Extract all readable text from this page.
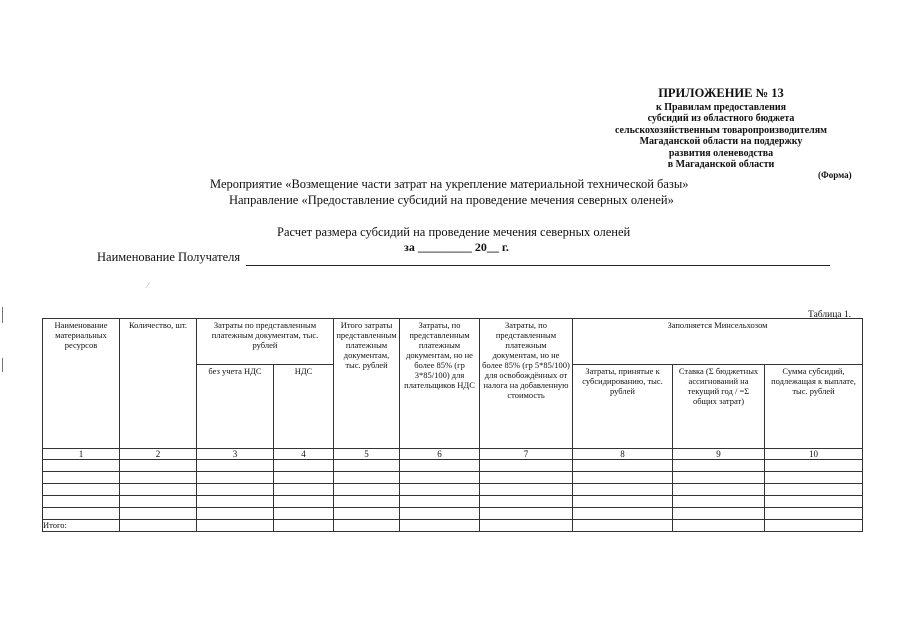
ПРИЛОЖЕНИЕ № 13
к Правилам предоставления
субсидий из областного бюджета
сельскохозяйственным товаропроизводителям
Магаданской области на поддержку
развития оленеводства
в Магаданской области
(Форма)
Мероприятие «Возмещение части затрат на укрепление материальной технической базы»
Направление «Предоставление субсидий на проведение мечения северных оленей»
Расчет размера субсидий на проведение мечения северных оленей
за _________ 20__ г.
Наименование Получателя
⁄
Таблица 1.
Наименование материальных ресурсов	Количество, шт.	Затраты по представленным платежным документам, тыс. рублей		Итого затраты представленным платежным документам, тыс. рублей	Затраты, по представленным платежным документам, но не более 85% (гр 3*85/100) для плательщиков НДС	Затраты, по представленным платежным документам, но не более 85% (гр 5*85/100) для освобождённых от налога на добавленную стоимость	Заполняется Минсельхозом		
		без учета НДС	НДС				Затраты, принятые к субсидированию, тыс. рублей	Ставка (Σ бюджетных ассигнований на текущий год / =Σ общих затрат)	Сумма субсидий, подлежащая к выплате, тыс. рублей
1	2	3	4	5	6	7	8	9	10

Итого:									
